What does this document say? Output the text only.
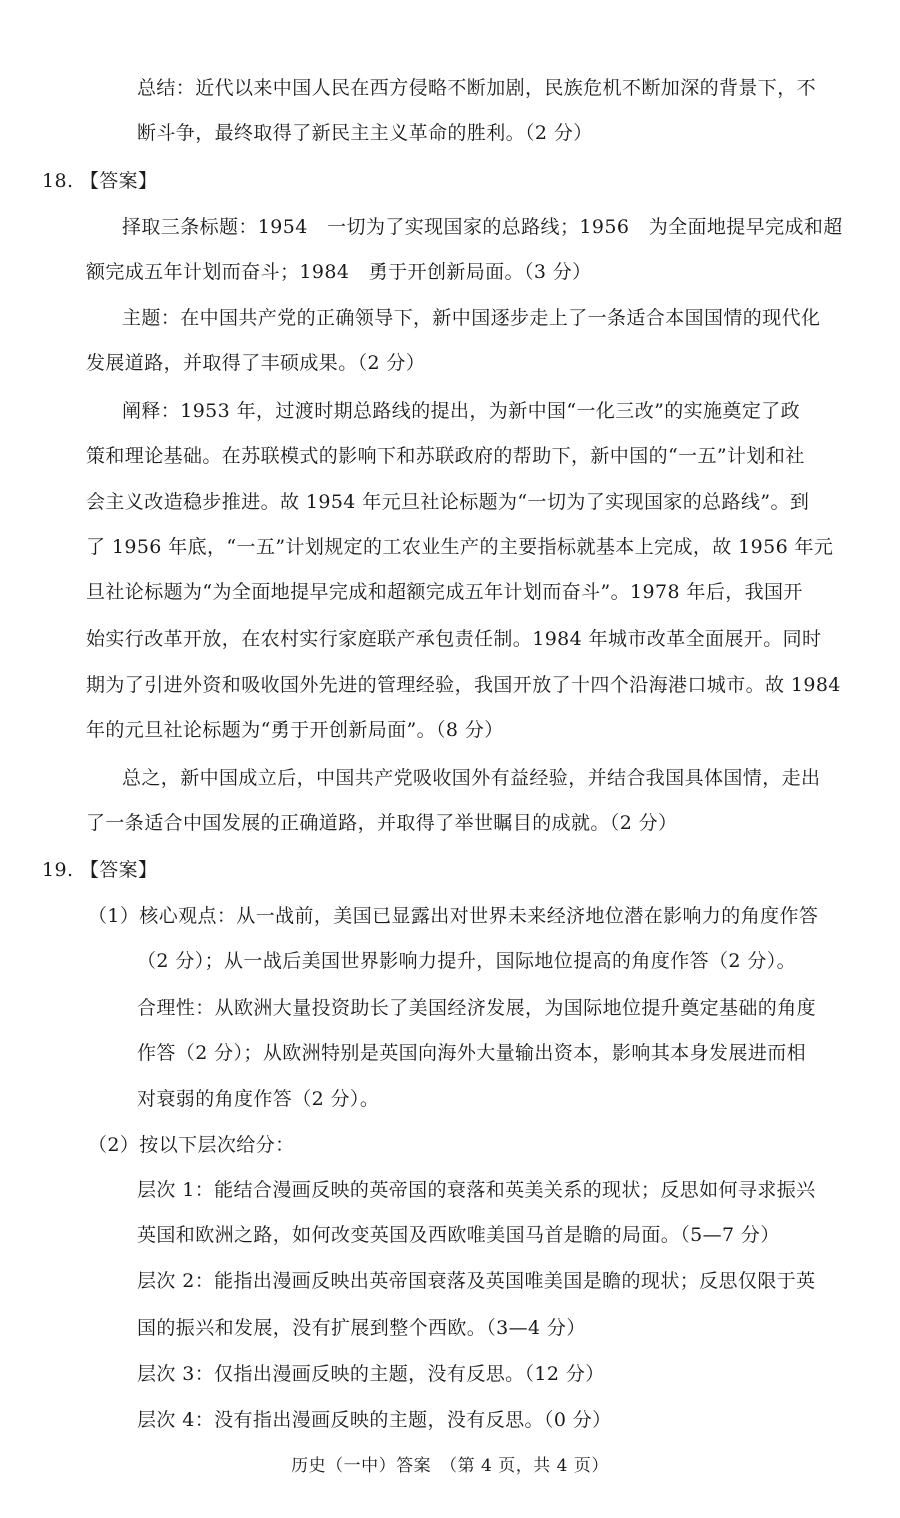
总结：近代以来中国人民在西方侵略不断加剧，民族危机不断加深的背景下，不
断斗争，最终取得了新民主主义革命的胜利。（2 分）
18. 【答案】
择取三条标题：1954　一切为了实现国家的总路线；1956　为全面地提早完成和超
额完成五年计划而奋斗；1984　勇于开创新局面。（3 分）
主题：在中国共产党的正确领导下，新中国逐步走上了一条适合本国国情的现代化
发展道路，并取得了丰硕成果。（2 分）
阐释：1953 年，过渡时期总路线的提出，为新中国“一化三改”的实施奠定了政
策和理论基础。在苏联模式的影响下和苏联政府的帮助下，新中国的“一五”计划和社
会主义改造稳步推进。故 1954 年元旦社论标题为“一切为了实现国家的总路线”。到
了 1956 年底，“一五”计划规定的工农业生产的主要指标就基本上完成，故 1956 年元
旦社论标题为“为全面地提早完成和超额完成五年计划而奋斗”。1978 年后，我国开
始实行改革开放，在农村实行家庭联产承包责任制。1984 年城市改革全面展开。同时
期为了引进外资和吸收国外先进的管理经验，我国开放了十四个沿海港口城市。故 1984
年的元旦社论标题为“勇于开创新局面”。（8 分）
总之，新中国成立后，中国共产党吸收国外有益经验，并结合我国具体国情，走出
了一条适合中国发展的正确道路，并取得了举世瞩目的成就。（2 分）
19. 【答案】
（1）核心观点：从一战前，美国已显露出对世界未来经济地位潜在影响力的角度作答
（2 分）；从一战后美国世界影响力提升，国际地位提高的角度作答（2 分）。
合理性：从欧洲大量投资助长了美国经济发展，为国际地位提升奠定基础的角度
作答（2 分）；从欧洲特别是英国向海外大量输出资本，影响其本身发展进而相
对衰弱的角度作答（2 分）。
（2）按以下层次给分：
层次 1：能结合漫画反映的英帝国的衰落和英美关系的现状；反思如何寻求振兴
英国和欧洲之路，如何改变英国及西欧唯美国马首是瞻的局面。（5—7 分）
层次 2：能指出漫画反映出英帝国衰落及英国唯美国是瞻的现状；反思仅限于英
国的振兴和发展，没有扩展到整个西欧。（3—4 分）
层次 3：仅指出漫画反映的主题，没有反思。（12 分）
层次 4：没有指出漫画反映的主题，没有反思。（0 分）
历史（一中）答案　（第 4 页，共 4 页）
